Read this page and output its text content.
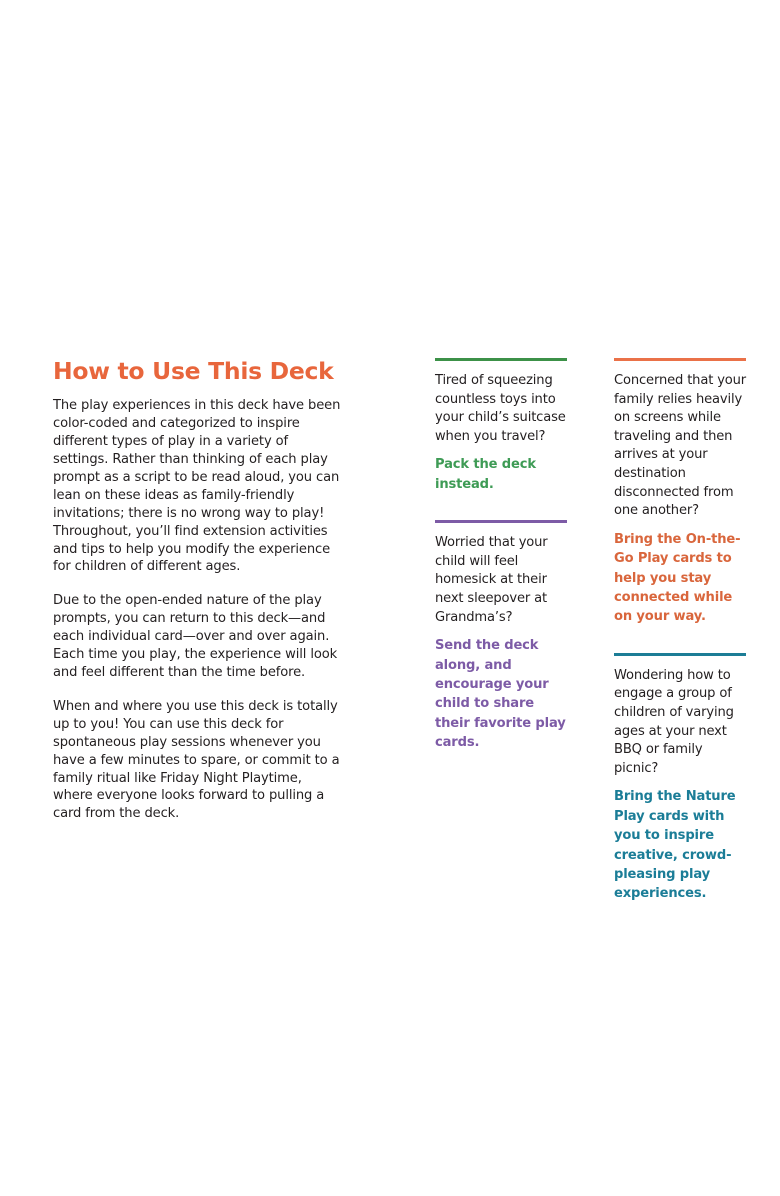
How to Use This Deck

The play experiences in this deck have been color-coded and categorized to inspire different types of play in a variety of settings. Rather than thinking of each play prompt as a script to be read aloud, you can lean on these ideas as family-friendly invitations; there is no wrong way to play! Throughout, you’ll find extension activities and tips to help you modify the experience for children of different ages.

Due to the open-ended nature of the play prompts, you can return to this deck—and each individual card—over and over again. Each time you play, the experience will look and feel different than the time before.

When and where you use this deck is totally up to you! You can use this deck for spontaneous play sessions whenever you have a few minutes to spare, or commit to a family ritual like Friday Night Playtime, where everyone looks forward to pulling a card from the deck.

Tired of squeezing countless toys into your child’s suitcase when you travel?

Pack the deck instead.

Worried that your child will feel homesick at their next sleepover at Grandma’s?

Send the deck along, and encourage your child to share their favorite play cards.

Concerned that your family relies heavily on screens while traveling and then arrives at your destination disconnected from one another?

Bring the On-the-Go Play cards to help you stay connected while on your way.

Wondering how to engage a group of children of varying ages at your next BBQ or family picnic?

Bring the Nature Play cards with you to inspire creative, crowd-pleasing play experiences.
